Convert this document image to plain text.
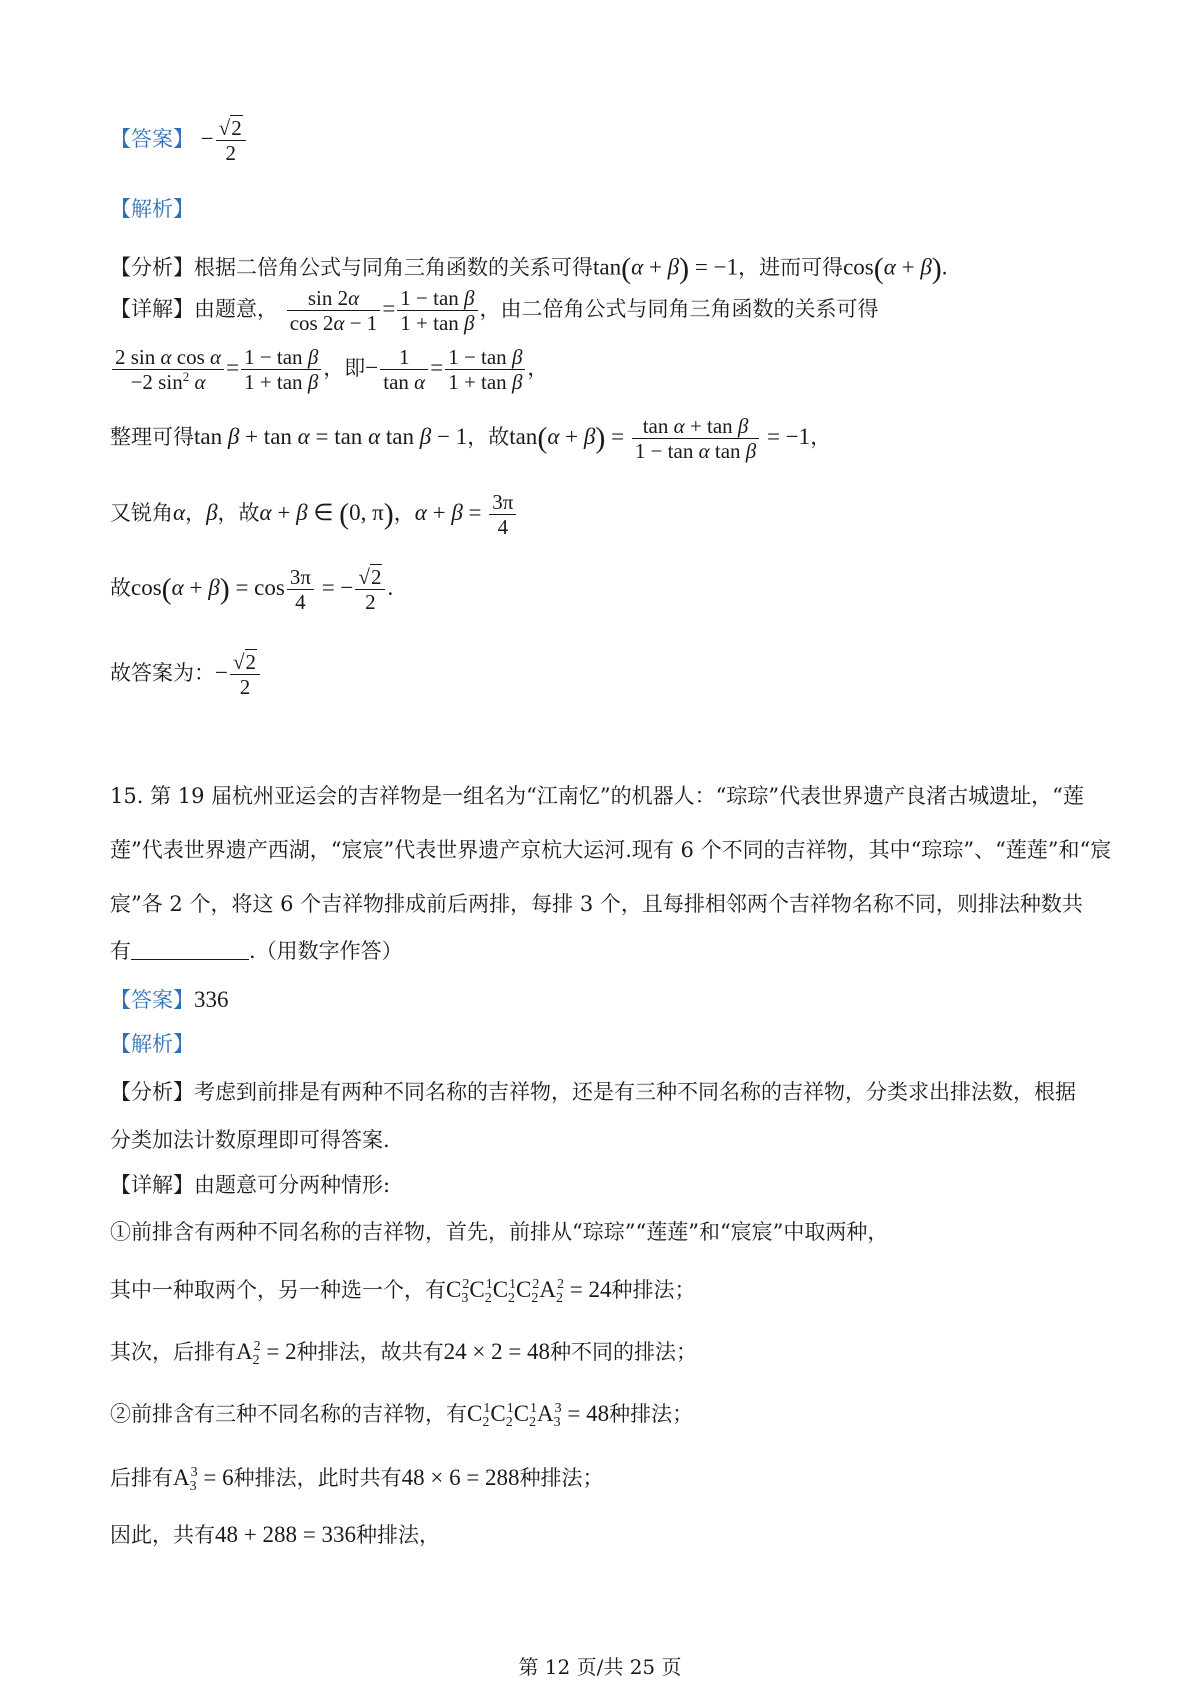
【答案】 − $\frac{√2}{2}$
【解析】
【分析】根据二倍角公式与同角三角函数的关系可得tan(α + β) = −1，进而可得cos(α + β).
【详解】由题意， $\frac{\sin 2\alpha}{\cos 2\alpha - 1} = \frac{\text{1 − tan β}}{\text{1 + tan β}}$ ，由二倍角公式与同角三角函数的关系可得
$\frac{\text{2 sin α cos α}}{-2 \sin^2 \alpha} = \frac{\text{1 − tan β}}{\text{1 + tan β}}$ ，即− $\frac{1}{\text{tan α}} = \frac{\text{1 − tan β}}{\text{1 + tan β}}$ ，
整理可得tan β + tan α = tan α tan β − 1，故$\tan(\alpha + \beta) = \frac{\text{tan α + tan β}}{\text{1 − tan α tan β}} = -1$，
又锐角α，β，故α + β ∈ (0, π)，$\alpha + \beta = \frac{3\pi}{4}$
故$\cos(\alpha + \beta) = \cos \frac{3\pi}{4}$ = − $\frac{√2}{2}$ .
故答案为：− $\frac{√2}{2}$
15. 第 19 届杭州亚运会的吉祥物是一组名为“江南忆”的机器人：“琮琮”代表世界遗产良渚古城遗址，“莲
莲”代表世界遗产西湖，“宸宸”代表世界遗产京杭大运河.现有 6 个不同的吉祥物，其中“琮琮”、“莲莲”和“宸
宸”各 2 个，将这 6 个吉祥物排成前后两排，每排 3 个，且每排相邻两个吉祥物名称不同，则排法种数共
有	.（用数字作答）
【答案】336
【解析】
【分析】考虑到前排是有两种不同名称的吉祥物，还是有三种不同名称的吉祥物，分类求出排法数，根据
分类加法计数原理即可得答案.
【详解】由题意可分两种情形:
①前排含有两种不同名称的吉祥物，首先，前排从“琮琮”“莲莲”和“宸宸”中取两种，
其中一种取两个，另一种选一个，有$C_3^2C_2^1C_2^1C_2^2A_2^2 = 24$种排法；
其次，后排有$A_2^2 = 2$种排法，故共有24 × 2 = 48种不同的排法；
②前排含有三种不同名称的吉祥物，有$C_2^1C_2^1C_2^1A_3^3 = 48$种排法；
后排有$A_3^3 = 6$种排法，此时共有48 × 6 = 288种排法；
因此，共有48 + 288 = 336种排法，
第 12 页/共 25 页
